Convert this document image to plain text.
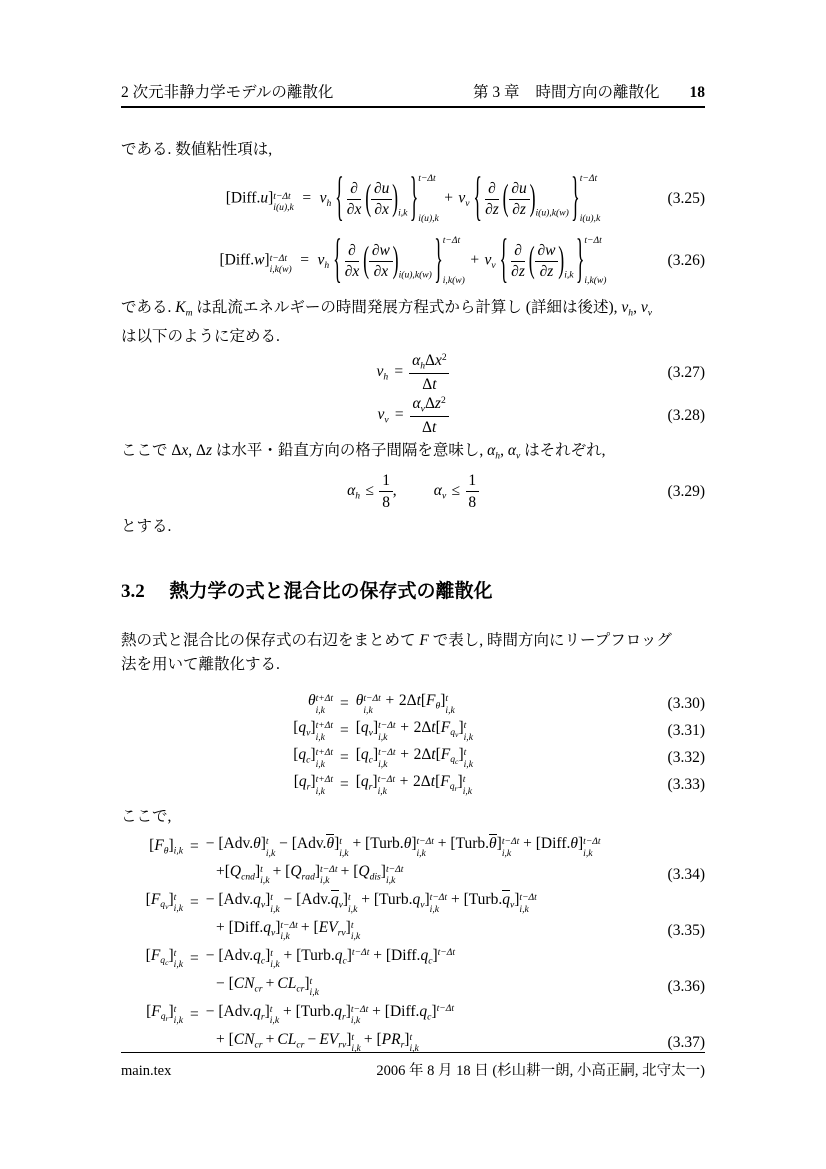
2 次元非静力学モデルの離散化	第 3 章 時間方向の離散化 18
である. 数値粘性項は,
[Diff.u] t−Δt
i(u),k
= $\nu_h$ { ∂
∂x ( $\frac{\partial u}{\partial x} )_{i,k}$ } t−Δt
i(u),k
+ $\nu_v$ { ∂
∂z ( $\frac{\partial u}{\partial z} )_{i(u),k(w)}$ } t−Δt
i(u),k
(3.25)
[Diff.w] t−Δt
i,k(w)
= $\nu_h$ { ∂
∂x ( $\frac{\partial w}{\partial x} )_{i(u),k(w)}$ } t−Δt
i,k(w)
+ $\nu_v$ { ∂
∂z ( $\frac{\partial w}{\partial z} )_{i,k}$ } t−Δt
i,k(w)
(3.26)
である. $K_m$ は乱流エネルギーの時間発展方程式から計算し (詳細は後述), $\nu_h$, $\nu_v$
は以下のように定める.
$\nu_h$ =
$\alpha_h\Delta x^2$
Δt
(3.27)
$\nu_v$ =
$\alpha_v\Delta z^2$
Δt
(3.28)
ここで Δx, Δz は水平・鉛直方向の格子間隔を意味し, $\alpha_h$, $\alpha_v$ はそれぞれ,
$\alpha_h \le \frac{1}{8}$ , $\alpha_v \le \frac{1}{8}$	(3.29)
とする.
3.2 熱力学の式と混合比の保存式の離散化
熱の式と混合比の保存式の右辺をまとめて F で表し, 時間方向にリープフロッグ
法を用いて離散化する.
θ t+Δt
i,k = θ t−Δt
i,k
+ $2\Delta t[F_\theta]$ t
i,k	(3.30)
$[q_v]$ t+Δt
$i,k = [q_v]$ t−Δt
i,k
+ $2\Delta t[F_{q_v}]$ t
i,k	(3.31)
$[q_c]$ t+Δt
$i,k = [q_c]$ t−Δt
i,k
+ $2\Delta t[F_{q_c}]$ t
i,k	(3.32)
$[q_r]$ t+Δt
$i,k = [q_r]$ t−Δt
i,k
+ $2\Delta t[F_{q_r}]$ t
i,k	(3.33)
ここで,
$[F_\theta]_{i,k}$ = − [Adv.θ] t
i,k
− [Adv.θ] t
i,k
+ [Turb.θ] t−Δt
i,k
+ [Turb.θ] t−Δt
i,k
+ [Diff.θ] t−Δt
i,k
$+[Q_{cnd}]$ t
i,k
+ $[Q_{rad}]$ t−Δt
i,k
+ $[Q_{dis}]$ t−Δt
i,k	(3.34)
$[F_{q_v}]$ t
i,k = − $[Adv.q_v]$ t
i,k
− $[Adv.q_v]$ t
i,k
+ $[Turb.q_v]$ t−Δt
i,k
+ $[Turb.q_v]$ t−Δt
i,k
+ $[Diff.q_v]$ t−Δt
i,k
+ $[EV_{rv}]$ t
i,k	(3.35)
$[F_{q_c}]$ t
i,k = − $[Adv.q_c]$ t
i,k
+ $[Turb.q_c]^{t-\Delta t}$ + $[Diff.q_c]^{t-\Delta t}$
− $[CN_{cr} + CL_{cr}]$ t
i,k	(3.36)
$[F_{q_r}]$ t
i,k = − $[Adv.q_r]$ t
i,k
+ $[Turb.q_r]$ t−Δt
i,k
+ $[Diff.q_c]^{t-\Delta t}$
+ $[CN_{cr} + CL_{cr} - EV_{rv}]$ t
i,k
+ $[PR_r]$ t
i,k	(3.37)
main.tex	2006 年 8 月 18 日 (杉山耕一朗, 小高正嗣, 北守太一)
